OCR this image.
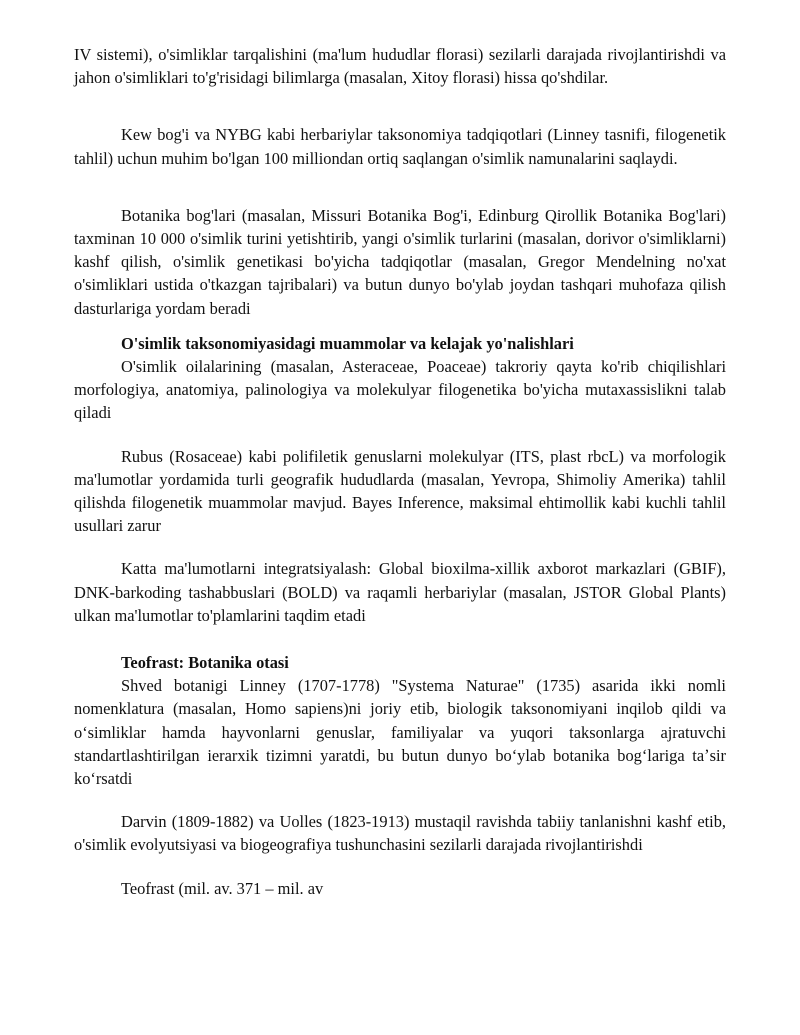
IV sistemi), o'simliklar tarqalishini (ma'lum hududlar florasi) sezilarli darajada rivojlantirishdi va jahon o'simliklari to'g'risidagi bilimlarga (masalan, Xitoy florasi) hissa qo'shdilar.

Kew bog'i va NYBG kabi herbariylar taksonomiya tadqiqotlari (Linney tasnifi, filogenetik tahlil) uchun muhim bo'lgan 100 milliondan ortiq saqlangan o'simlik namunalarini saqlaydi.

Botanika bog'lari (masalan, Missuri Botanika Bog'i, Edinburg Qirollik Botanika Bog'lari) taxminan 10 000 o'simlik turini yetishtirib, yangi o'simlik turlarini (masalan, dorivor o'simliklarni) kashf qilish, o'simlik genetikasi bo'yicha tadqiqotlar (masalan, Gregor Mendelning no'xat o'simliklari ustida o'tkazgan tajribalari) va butun dunyo bo'ylab joydan tashqari muhofaza qilish dasturlariga yordam beradi

O'simlik taksonomiyasidagi muammolar va kelajak yo'nalishlari

O'simlik oilalarining (masalan, Asteraceae, Poaceae) takroriy qayta ko'rib chiqilishlari morfologiya, anatomiya, palinologiya va molekulyar filogenetika bo'yicha mutaxassislikni talab qiladi

Rubus (Rosaceae) kabi polifiletik genuslarni molekulyar (ITS, plast rbcL) va morfologik ma'lumotlar yordamida turli geografik hududlarda (masalan, Yevropa, Shimoliy Amerika) tahlil qilishda filogenetik muammolar mavjud. Bayes Inference, maksimal ehtimollik kabi kuchli tahlil usullari zarur

Katta ma'lumotlarni integratsiyalash: Global bioxilma-xillik axborot markazlari (GBIF), DNK-barkoding tashabbuslari (BOLD) va raqamli herbariylar (masalan, JSTOR Global Plants) ulkan ma'lumotlar to'plamlarini taqdim etadi

Teofrast: Botanika otasi

Shved botanigi Linney (1707-1778) "Systema Naturae" (1735) asarida ikki nomli nomenklatura (masalan, Homo sapiens)ni joriy etib, biologik taksonomiyani inqilob qildi va oʻsimliklar hamda hayvonlarni genuslar, familiyalar va yuqori taksonlarga ajratuvchi standartlashtirilgan ierarxik tizimni yaratdi, bu butun dunyo boʻylab botanika bogʻlariga taʼsir koʻrsatdi

Darvin (1809-1882) va Uolles (1823-1913) mustaqil ravishda tabiiy tanlanishni kashf etib, o'simlik evolyutsiyasi va biogeografiya tushunchasini sezilarli darajada rivojlantirishdi

Teofrast (mil. av. 371 – mil. av
